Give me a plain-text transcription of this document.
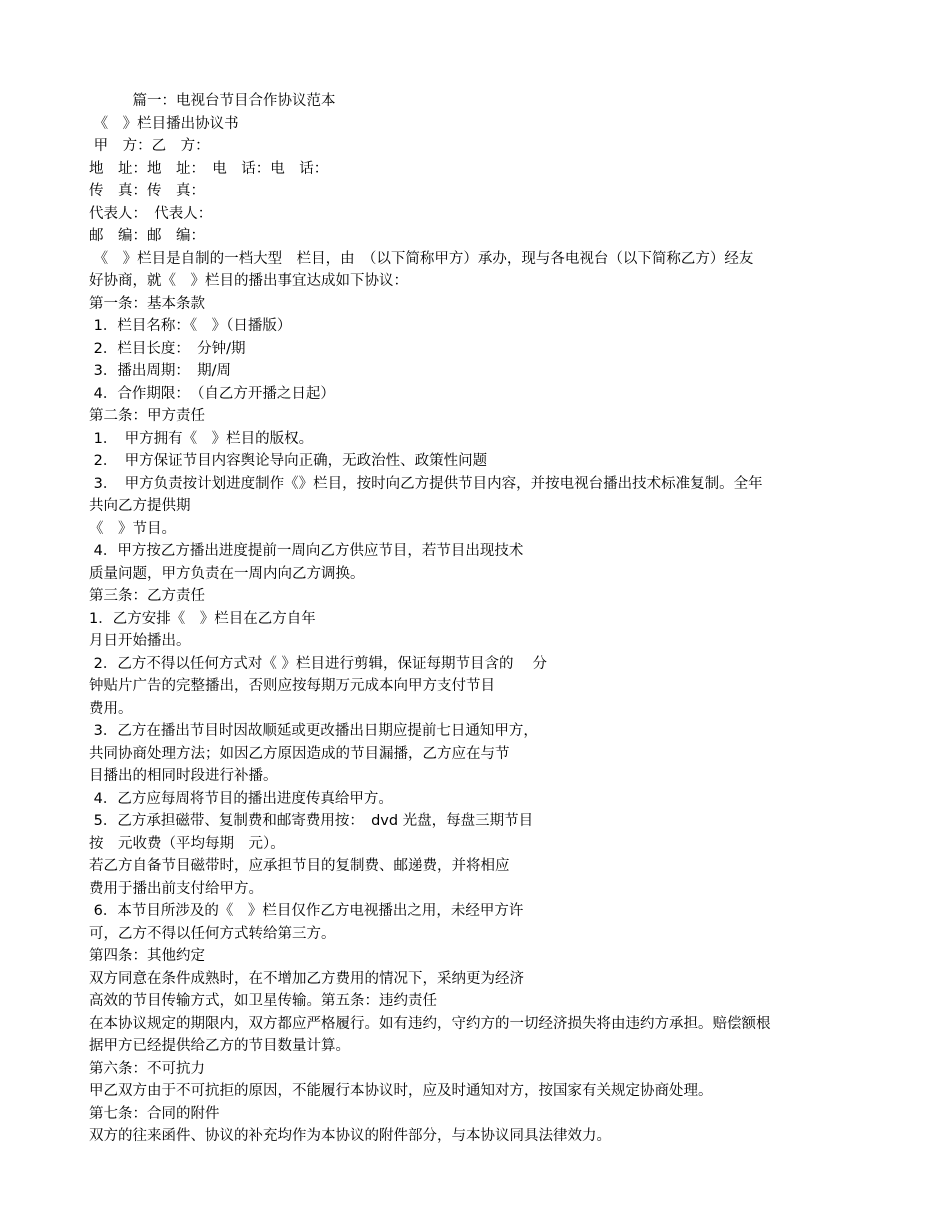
　　　篇一：电视台节目合作协议范本
《　》栏目播出协议书
甲　方：乙　方：
地　址：地　址：　电　话：电　话：
传　真：传　真：
代表人：　代表人：
邮　编：邮　编：
《　》栏目是自制的一档大型　栏目，由　（以下简称甲方）承办，现与各电视台（以下简称乙方）经友
好协商，就《　》栏目的播出事宜达成如下协议：
第一条：基本条款
1．栏目名称：《　》（日播版）
2．栏目长度：　分钟/期
3．播出周期：　期/周
4．合作期限：　（自乙方开播之日起）
第二条：甲方责任
1．　甲方拥有《　》栏目的版权。
2．　甲方保证节目内容舆论导向正确，无政治性、政策性问题
3．　甲方负责按计划进度制作《》栏目，按时向乙方提供节目内容，并按电视台播出技术标准复制。全年
共向乙方提供期
《　》节目。
4．甲方按乙方播出进度提前一周向乙方供应节目，若节目出现技术
质量问题，甲方负责在一周内向乙方调换。
第三条：乙方责任
1．乙方安排《　》栏目在乙方自年
月日开始播出。
2．乙方不得以任何方式对《 》栏目进行剪辑，保证每期节目含的　 分
钟贴片广告的完整播出，否则应按每期万元成本向甲方支付节目
费用。
3．乙方在播出节目时因故顺延或更改播出日期应提前七日通知甲方，
共同协商处理方法；如因乙方原因造成的节目漏播，乙方应在与节
目播出的相同时段进行补播。
4．乙方应每周将节目的播出进度传真给甲方。
5．乙方承担磁带、复制费和邮寄费用按：　dvd 光盘，每盘三期节目
按　元收费（平均每期　元）。
若乙方自备节目磁带时，应承担节目的复制费、邮递费，并将相应
费用于播出前支付给甲方。
6．本节目所涉及的《　》栏目仅作乙方电视播出之用，未经甲方许
可，乙方不得以任何方式转给第三方。
第四条：其他约定
双方同意在条件成熟时，在不增加乙方费用的情况下，采纳更为经济
高效的节目传输方式，如卫星传输。第五条：违约责任
在本协议规定的期限内，双方都应严格履行。如有违约，守约方的一切经济损失将由违约方承担。赔偿额根
据甲方已经提供给乙方的节目数量计算。
第六条：不可抗力
甲乙双方由于不可抗拒的原因，不能履行本协议时，应及时通知对方，按国家有关规定协商处理。
第七条：合同的附件
双方的往来函件、协议的补充均作为本协议的附件部分，与本协议同具法律效力。
